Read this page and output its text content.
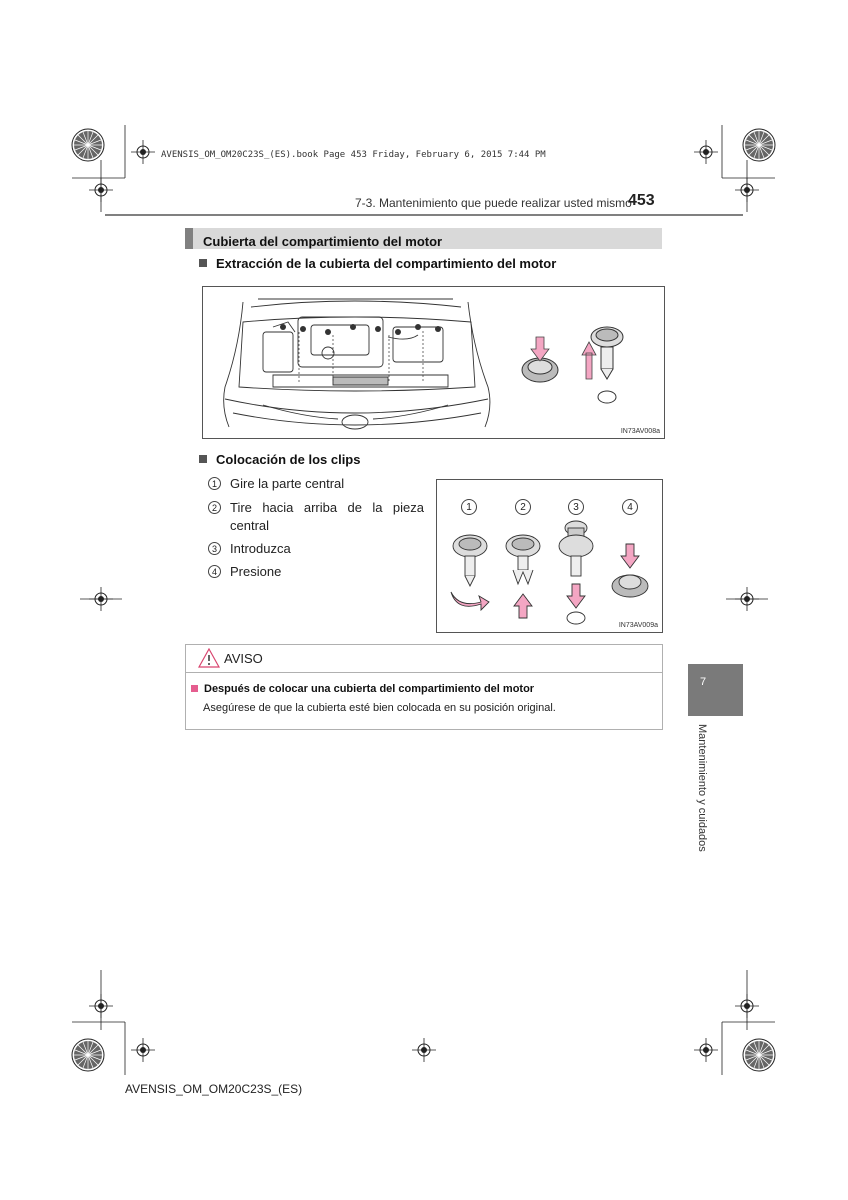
AVENSIS_OM_OM20C23S_(ES).book Page 453 Friday, February 6, 2015 7:44 PM
7-3. Mantenimiento que puede realizar usted mismo
453
Cubierta del compartimiento del motor
Extracción de la cubierta del compartimiento del motor
IN73AV008a
Colocación de los clips
1 Gire la parte central
2 Tire hacia arriba de la pieza central
3 Introduzca
4 Presione
1	2	3	4
IN73AV009a
AVISO
Después de colocar una cubierta del compartimiento del motor
Asegúrese de que la cubierta esté bien colocada en su posición original.
7
Mantenimiento y cuidados
AVENSIS_OM_OM20C23S_(ES)
